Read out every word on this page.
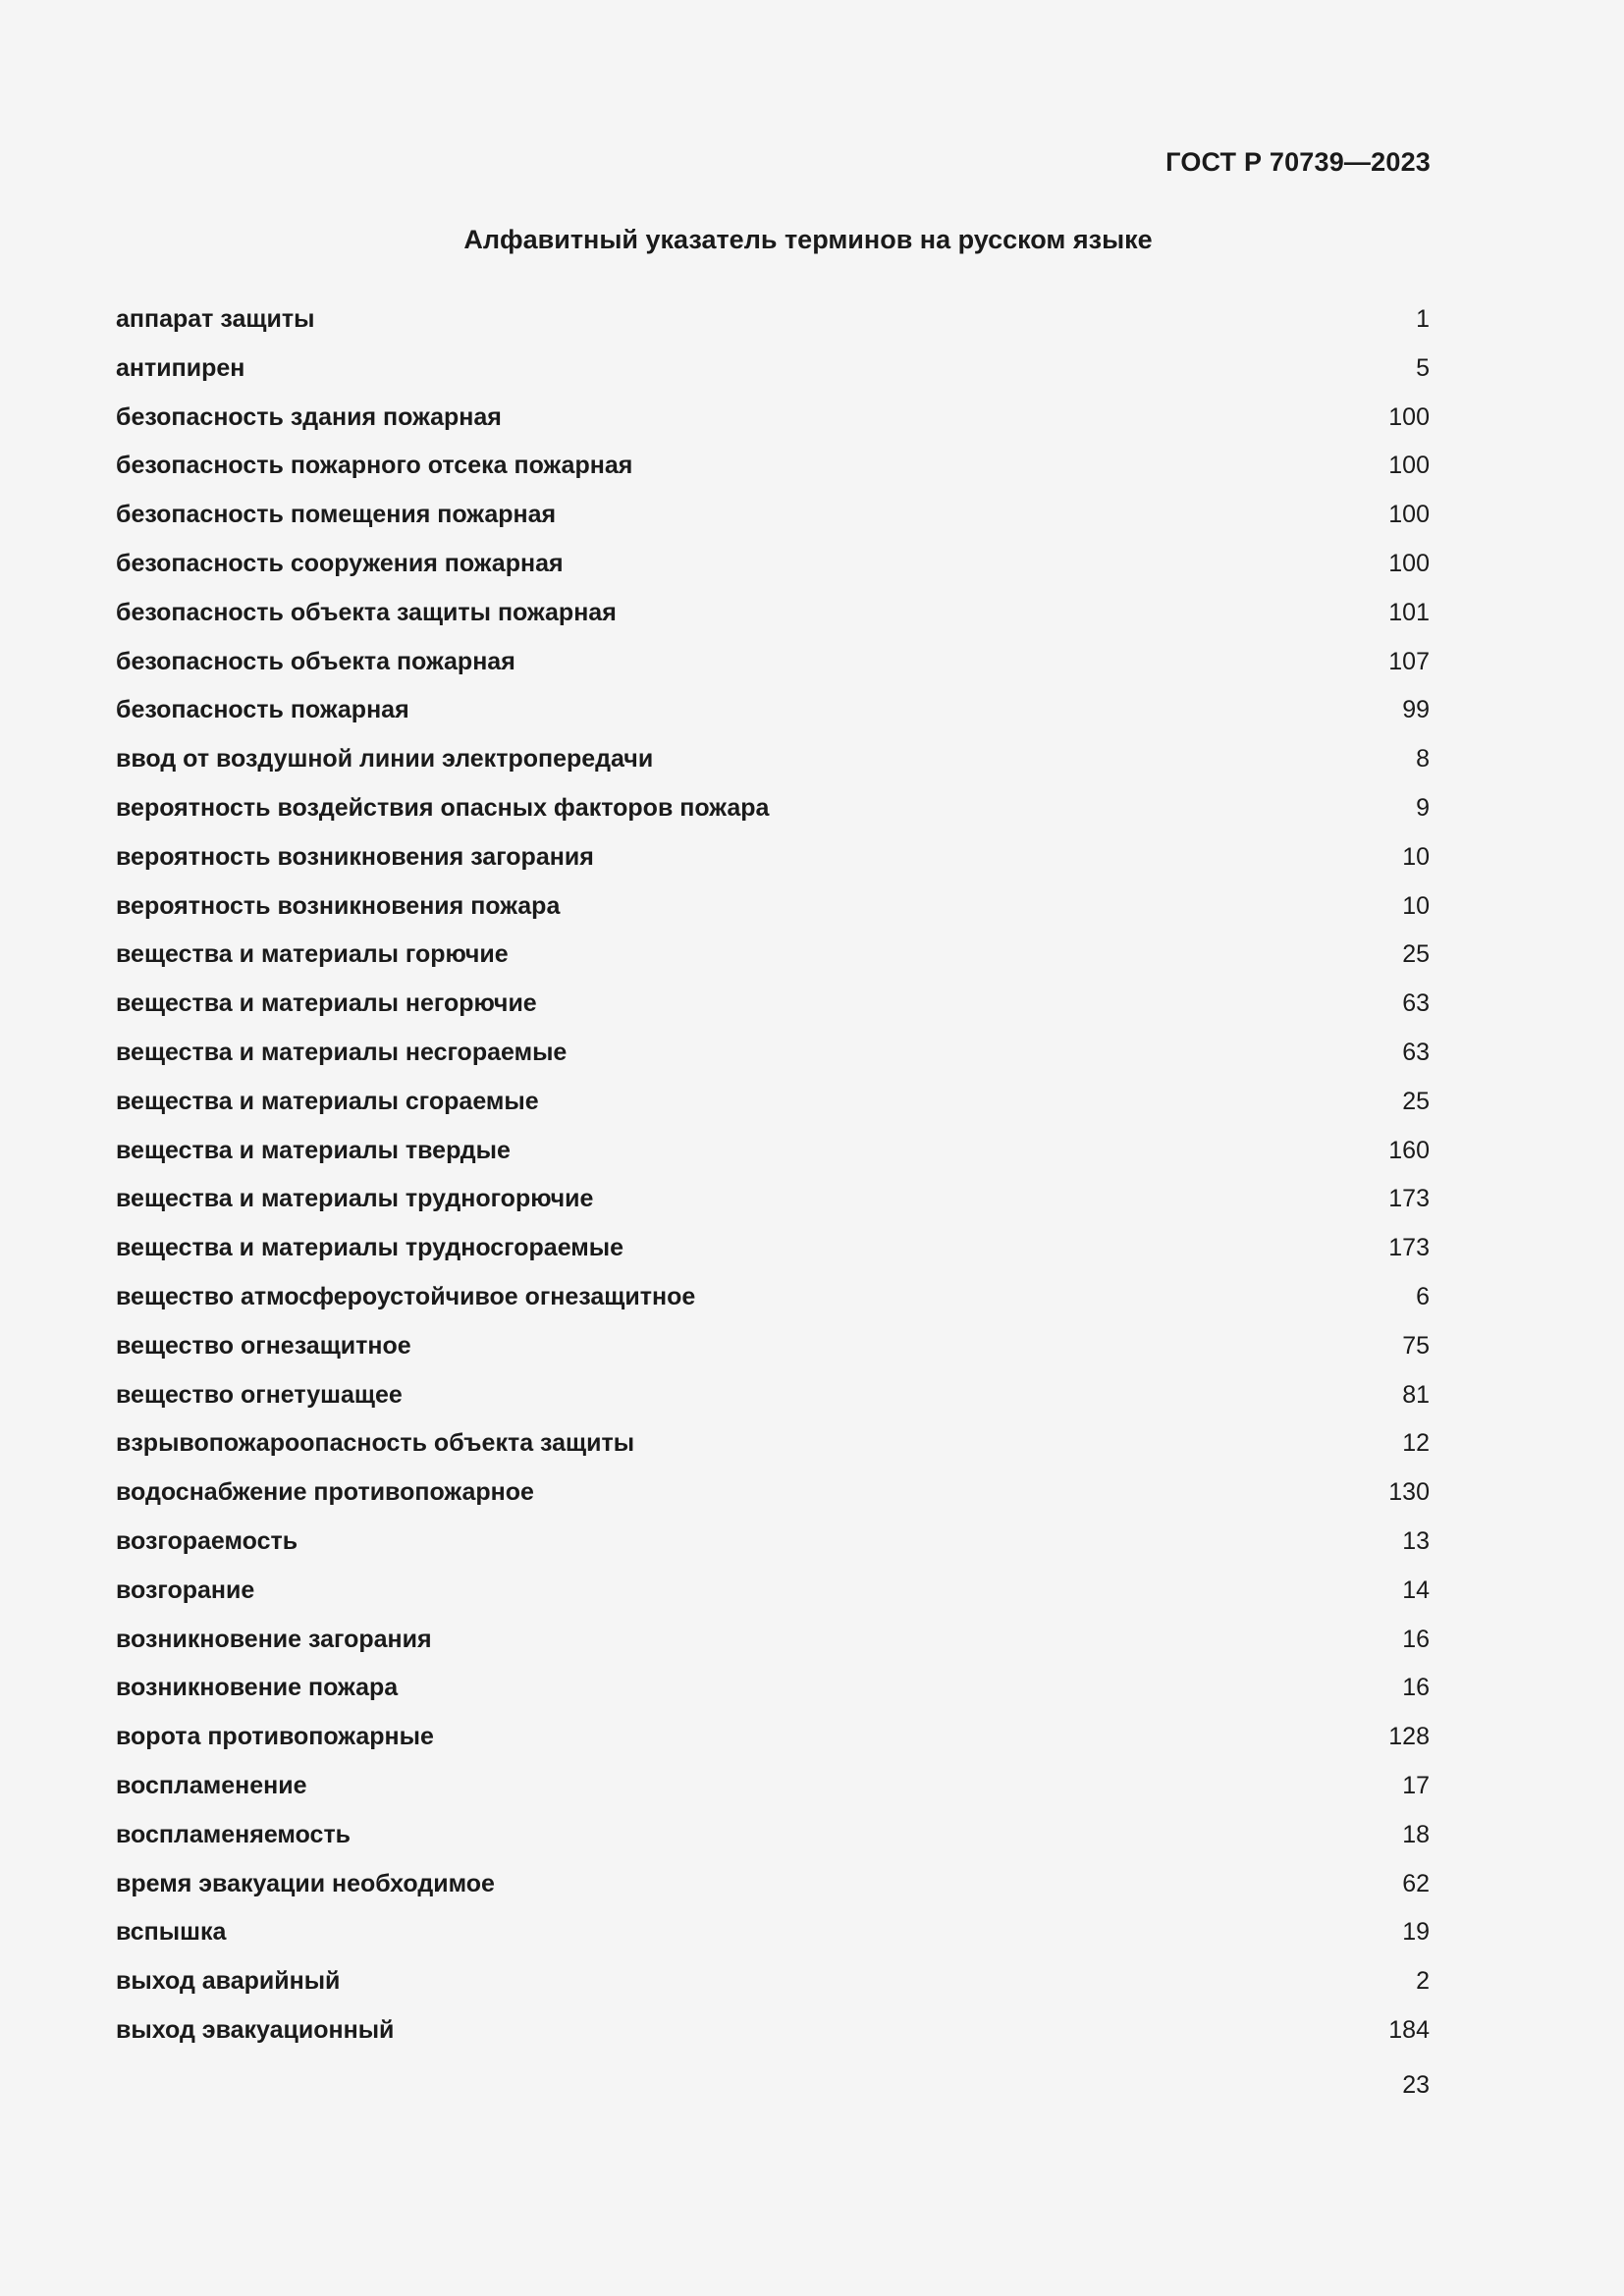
ГОСТ Р 70739—2023
Алфавитный указатель терминов на русском языке
аппарат защиты	1
антипирен	5
безопасность здания пожарная	100
безопасность пожарного отсека пожарная	100
безопасность помещения пожарная	100
безопасность сооружения пожарная	100
безопасность объекта защиты пожарная	101
безопасность объекта пожарная	107
безопасность пожарная	99
ввод от воздушной линии электропередачи	8
вероятность воздействия опасных факторов пожара	9
вероятность возникновения загорания	10
вероятность возникновения пожара	10
вещества и материалы горючие	25
вещества и материалы негорючие	63
вещества и материалы несгораемые	63
вещества и материалы сгораемые	25
вещества и материалы твердые	160
вещества и материалы трудногорючие	173
вещества и материалы трудносгораемые	173
вещество атмосфероустойчивое огнезащитное	6
вещество огнезащитное	75
вещество огнетушащее	81
взрывопожароопасность объекта защиты	12
водоснабжение противопожарное	130
возгораемость	13
возгорание	14
возникновение загорания	16
возникновение пожара	16
ворота противопожарные	128
воспламенение	17
воспламеняемость	18
время эвакуации необходимое	62
вспышка	19
выход аварийный	2
выход эвакуационный	184
23
